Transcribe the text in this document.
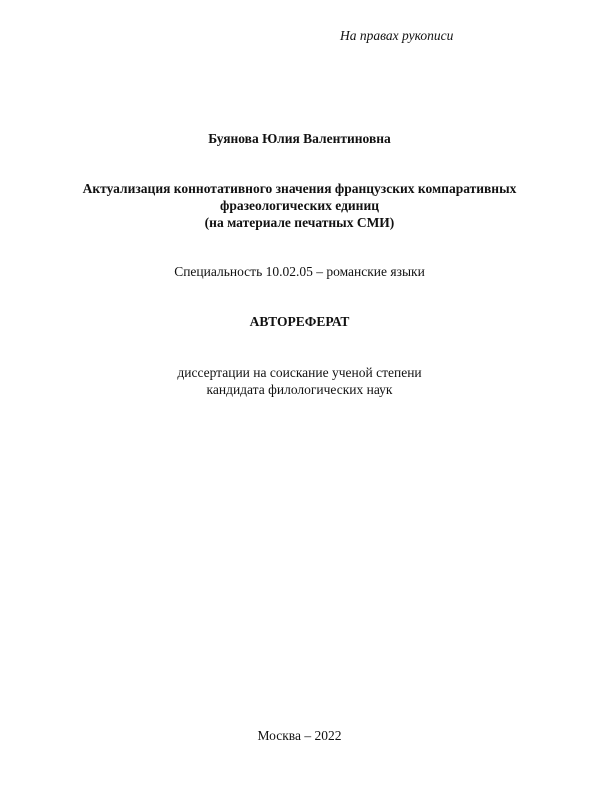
На правах рукописи
Буянова Юлия Валентиновна
Актуализация коннотативного значения французских компаративных
фразеологических единиц
(на материале печатных СМИ)
Специальность 10.02.05 – романские языки
АВТОРЕФЕРАТ
диссертации на соискание ученой степени
кандидата филологических наук
Москва – 2022
